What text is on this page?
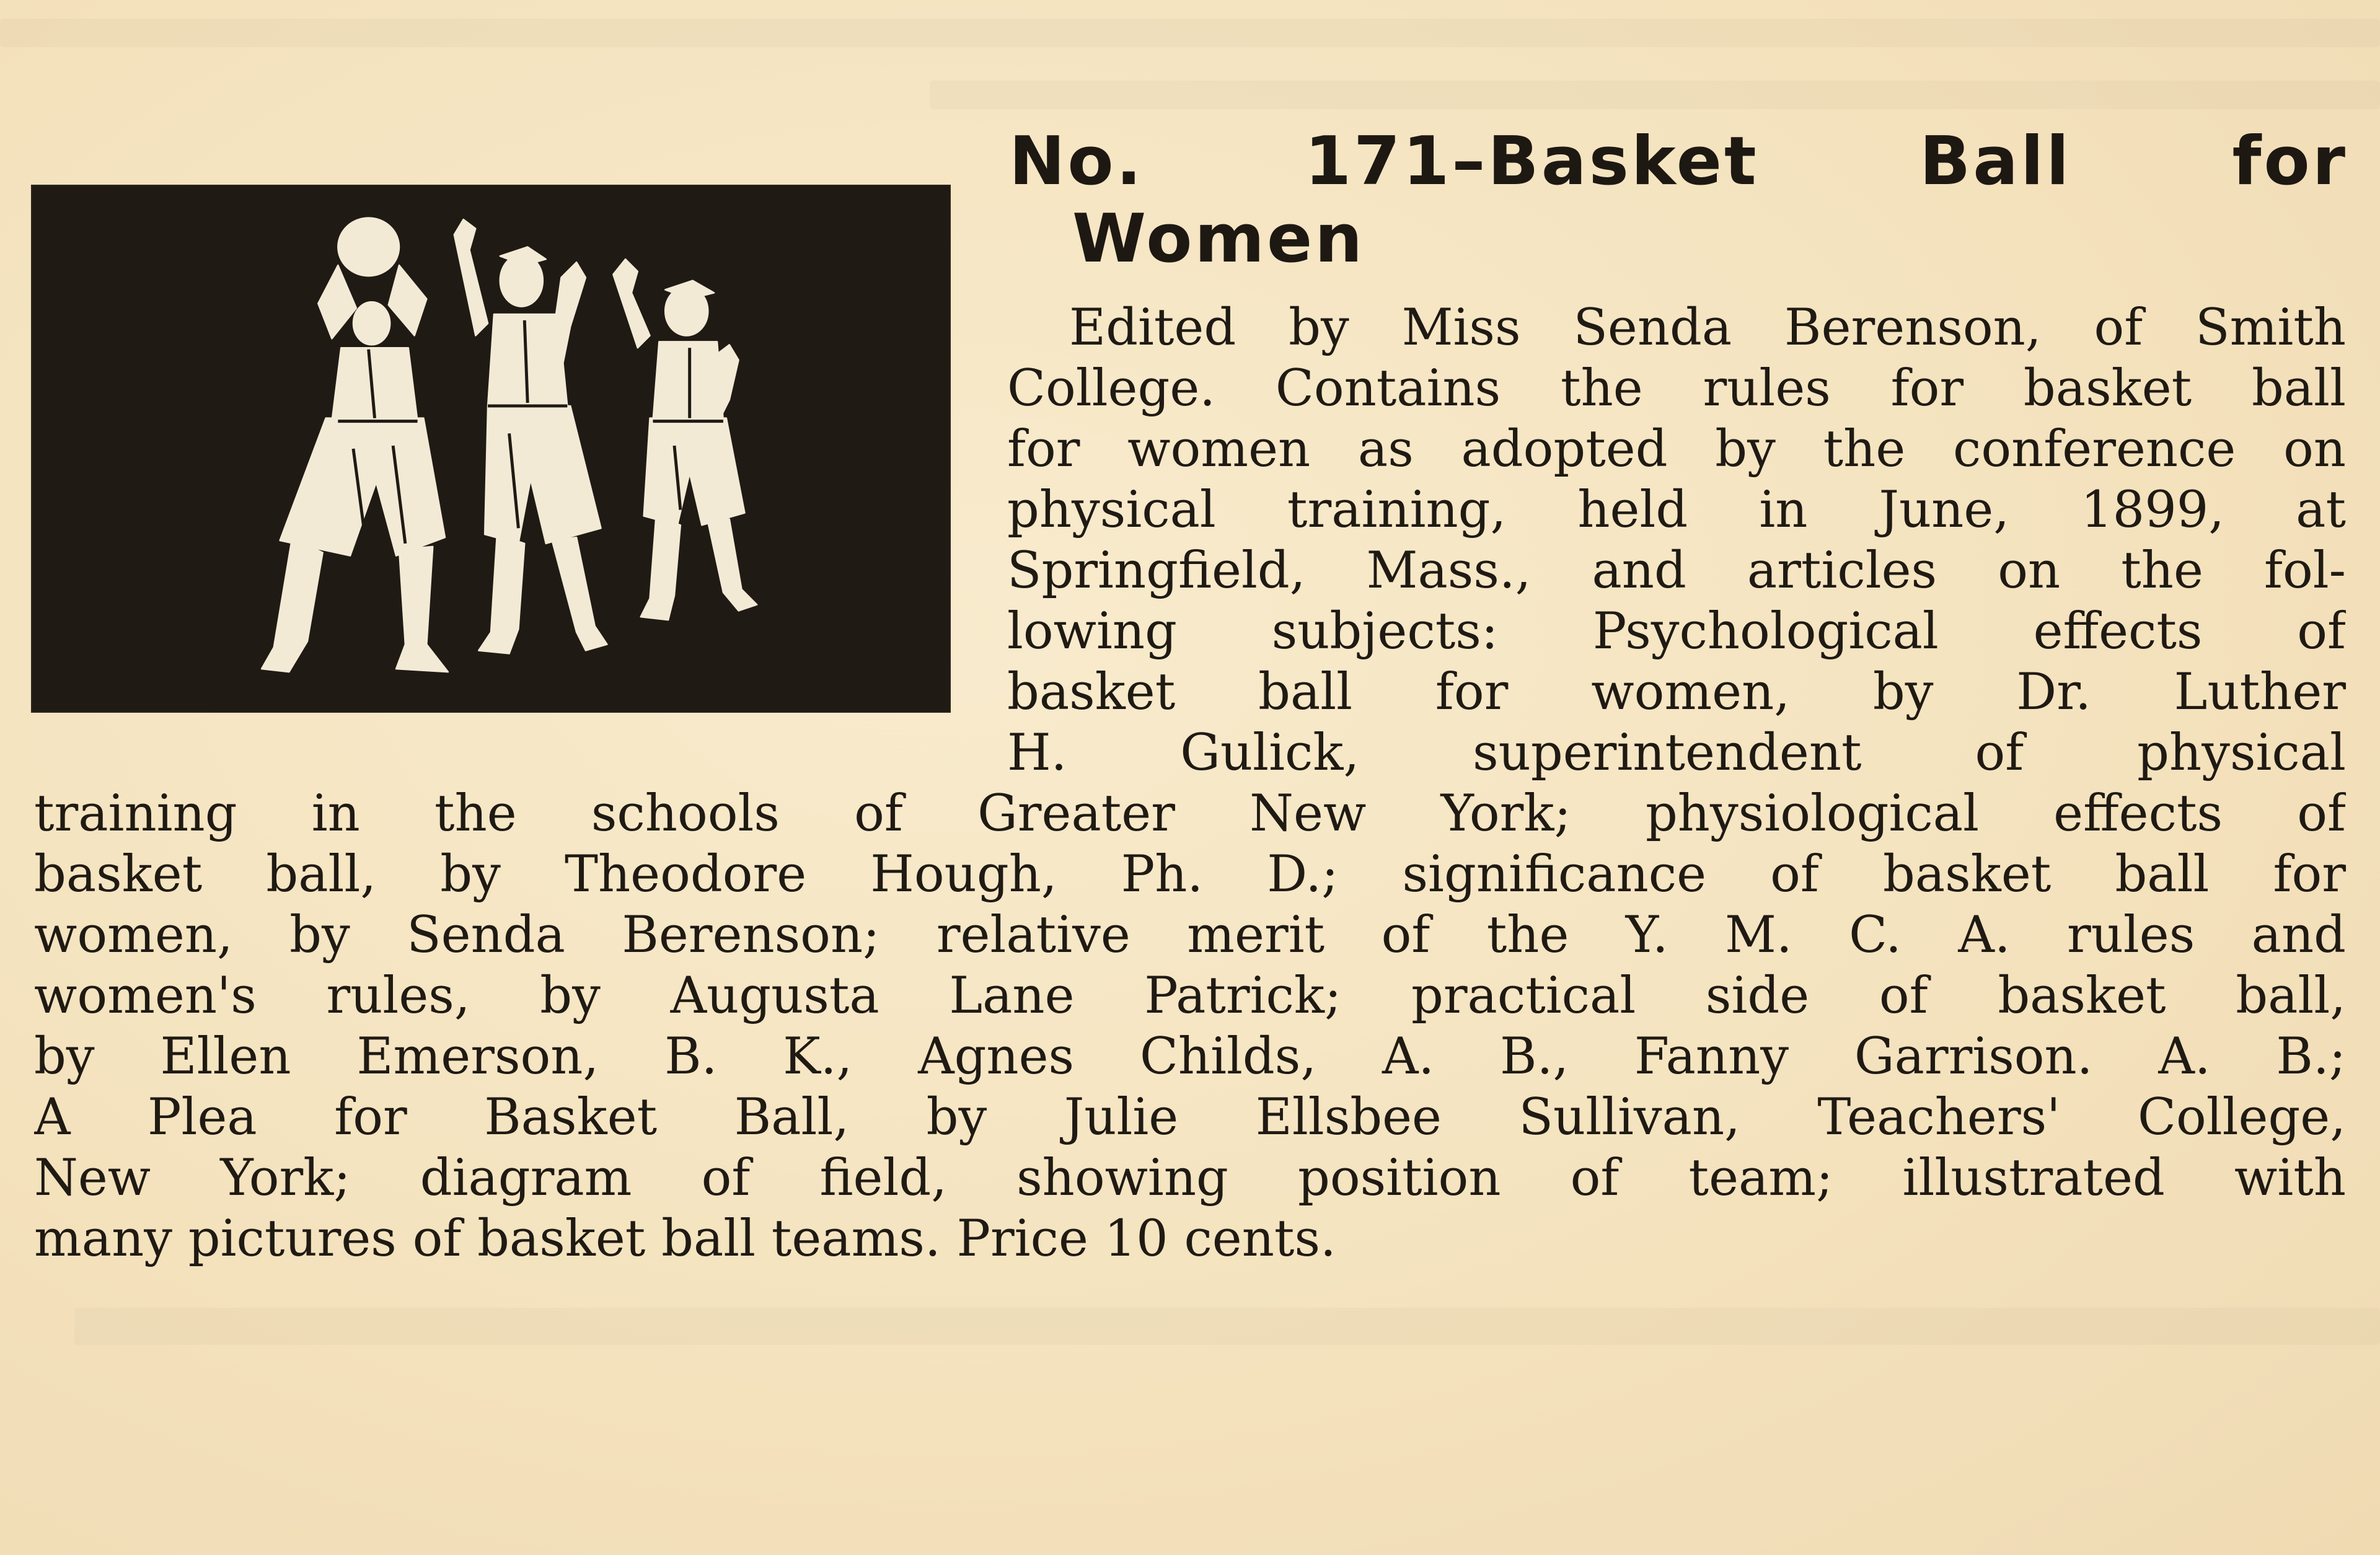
No. 171–Basket Ball for
Women
Edited by Miss Senda Berenson, of Smith
College. Contains the rules for basket ball
for women as adopted by the conference on
physical training, held in June, 1899, at
Springfield, Mass., and articles on the fol-
lowing subjects: Psychological effects of
basket ball for women, by Dr. Luther
H. Gulick, superintendent of physical
training in the schools of Greater New York; physiological effects of
basket ball, by Theodore Hough, Ph. D.; significance of basket ball for
women, by Senda Berenson; relative merit of the Y. M. C. A. rules and
women's rules, by Augusta Lane Patrick; practical side of basket ball,
by Ellen Emerson, B. K., Agnes Childs, A. B., Fanny Garrison. A. B.;
A Plea for Basket Ball, by Julie Ellsbee Sullivan, Teachers' College,
New York; diagram of field, showing position of team; illustrated with
many pictures of basket ball teams. Price 10 cents.
